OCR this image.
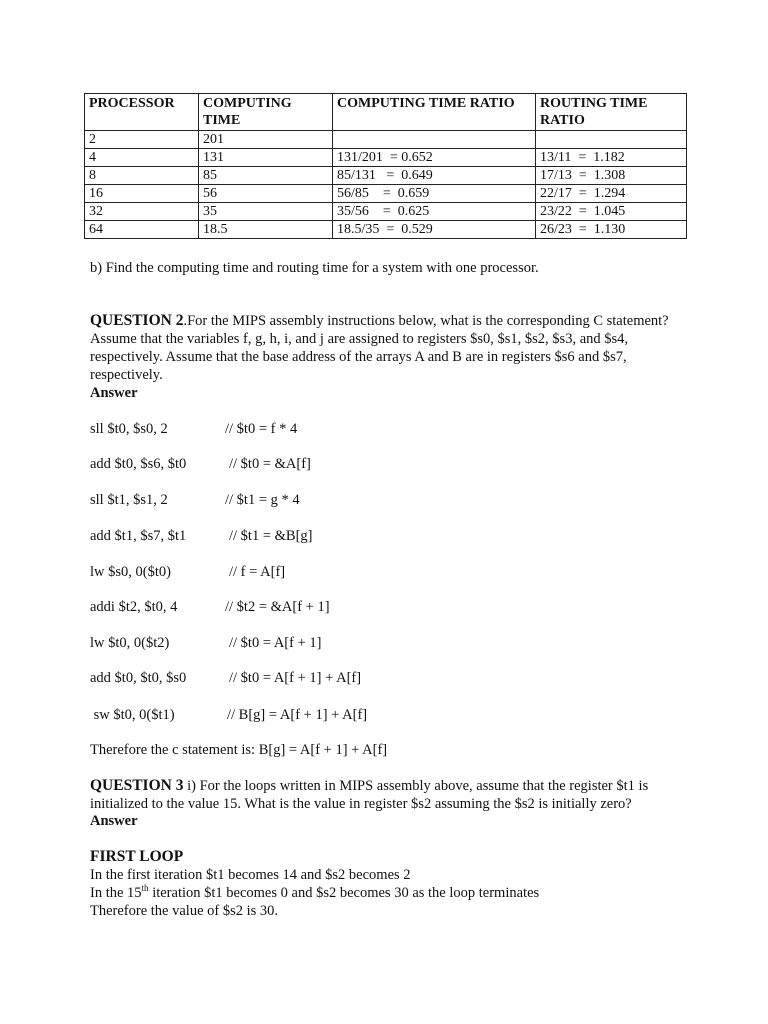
PROCESSOR	COMPUTING TIME	COMPUTING TIME RATIO	ROUTING TIME RATIO
2	201		
4	131	131/201  = 0.652	13/11  =  1.182
8	85	85/131   =  0.649	17/13  =  1.308
16	56	56/85    =  0.659	22/17  =  1.294
32	35	35/56    =  0.625	23/22  =  1.045
64	18.5	18.5/35  =  0.529	26/23  =  1.130

b) Find the computing time and routing time for a system with one processor.

QUESTION 2.For the MIPS assembly instructions below, what is the corresponding C statement? Assume that the variables f, g, h, i, and j are assigned to registers $s0, $s1, $s2, $s3, and $s4, respectively. Assume that the base address of the arrays A and B are in registers $s6 and $s7, respectively.

Answer

sll $t0, $s0, 2	// $t0 = f * 4
add $t0, $s6, $t0	// $t0 = &A[f]
sll $t1, $s1, 2	// $t1 = g * 4
add $t1, $s7, $t1	// $t1 = &B[g]
lw $s0, 0($t0)	// f = A[f]
addi $t2, $t0, 4	// $t2 = &A[f + 1]
lw $t0, 0($t2)	// $t0 = A[f + 1]
add $t0, $t0, $s0	// $t0 = A[f + 1] + A[f]
sw $t0, 0($t1)	// B[g] = A[f + 1] + A[f]

Therefore the c statement is: B[g] = A[f + 1] + A[f]

QUESTION 3 i) For the loops written in MIPS assembly above, assume that the register $t1 is initialized to the value 15. What is the value in register $s2 assuming the $s2 is initially zero?

Answer

FIRST LOOP

In the first iteration $t1 becomes 14 and $s2 becomes 2

In the 15th iteration $t1 becomes 0 and $s2 becomes 30 as the loop terminates

Therefore the value of $s2 is 30.
